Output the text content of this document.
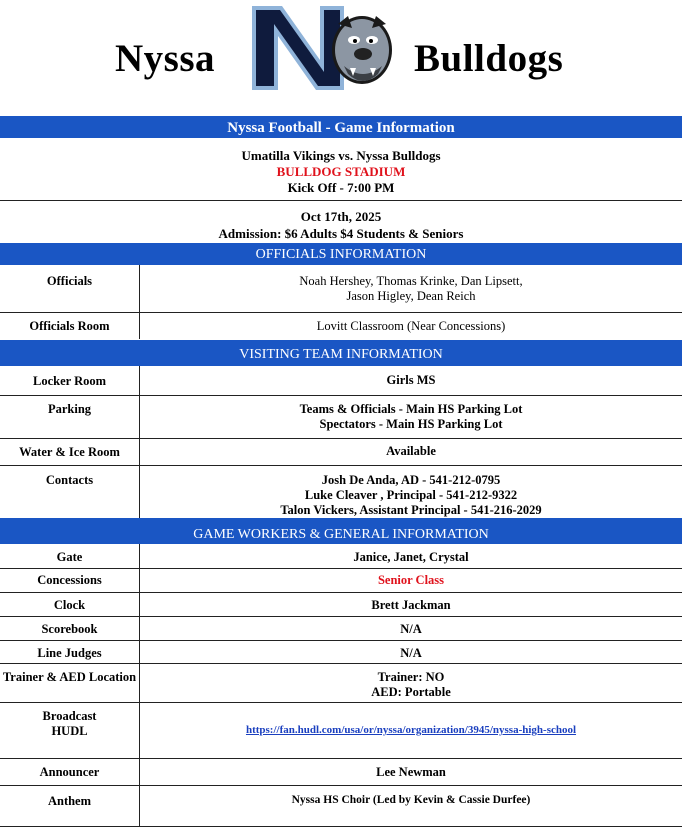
Nyssa	Bulldogs
Nyssa Football - Game Information
Umatilla Vikings vs. Nyssa Bulldogs
BULLDOG STADIUM
Kick Off - 7:00 PM
Oct 17th, 2025
Admission: $6 Adults $4 Students & Seniors
OFFICIALS INFORMATION
Officials	Noah Hershey, Thomas Krinke, Dan Lipsett,
Jason Higley, Dean Reich
Officials Room	Lovitt Classroom (Near Concessions)
VISITING TEAM INFORMATION
Locker Room	Girls MS
Parking	Teams & Officials - Main HS Parking Lot
Spectators - Main HS Parking Lot
Water & Ice Room	Available
Contacts	Josh De Anda, AD - 541-212-0795
Luke Cleaver , Principal - 541-212-9322
Talon Vickers, Assistant Principal - 541-216-2029
GAME WORKERS & GENERAL INFORMATION
Gate	Janice, Janet, Crystal
Concessions	Senior Class
Clock	Brett Jackman
Scorebook	N/A
Line Judges	N/A
Trainer & AED Location	Trainer: NO
AED: Portable
Broadcast
HUDL	https://fan.hudl.com/usa/or/nyssa/organization/3945/nyssa-high-school
Announcer	Lee Newman
Anthem	Nyssa HS Choir (Led by Kevin & Cassie Durfee)
